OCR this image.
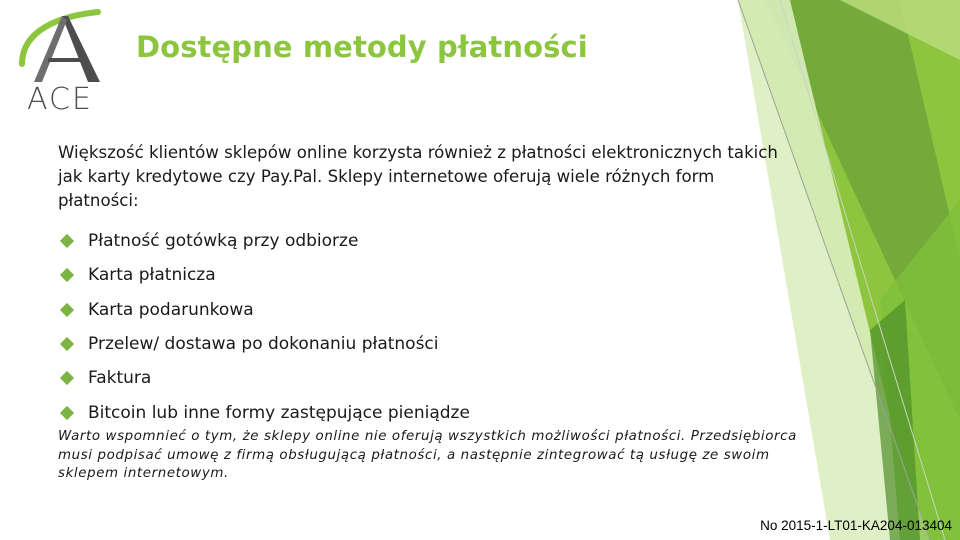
ACE
Dostępne metody płatności

Większość klientów sklepów online korzysta również z płatności elektronicznych takich jak karty kredytowe czy Pay.Pal. Sklepy internetowe oferują wiele różnych form płatności:

Płatność gotówką przy odbiorze
Karta płatnicza
Karta podarunkowa
Przelew/ dostawa po dokonaniu płatności
Faktura
Bitcoin lub inne formy zastępujące pieniądze

Warto wspomnieć o tym, że sklepy online nie oferują wszystkich możliwości płatności. Przedsiębiorca musi podpisać umowę z firmą obsługującą płatności, a następnie zintegrować tą usługę ze swoim sklepem internetowym.

No 2015-1-LT01-KA204-013404
